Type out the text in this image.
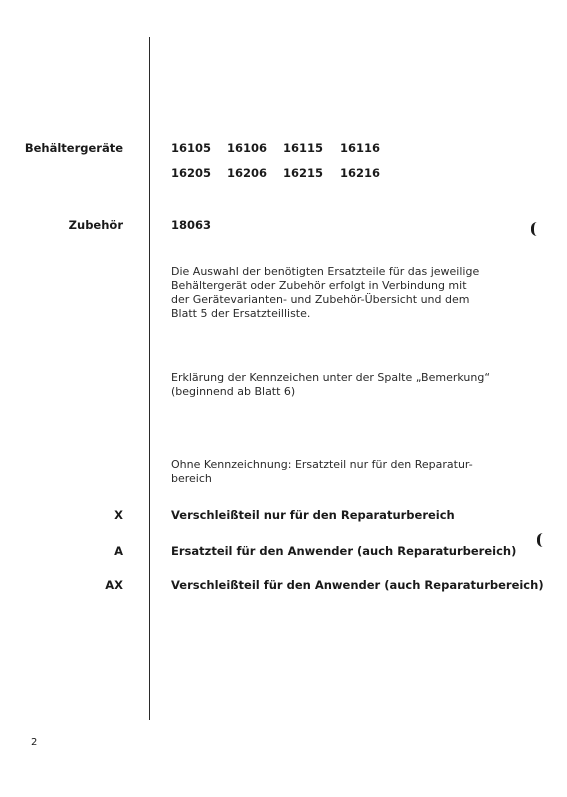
Behältergeräte
Zubehör
16105 16106 16115 16116
16205 16206 16215 16216
18063
Die Auswahl der benötigten Ersatzteile für das jeweilige
Behältergerät oder Zubehör erfolgt in Verbindung mit
der Gerätevarianten- und Zubehör-Übersicht und dem
Blatt 5 der Ersatzteilliste.
Erklärung der Kennzeichen unter der Spalte „Bemerkung“
(beginnend ab Blatt 6)
Ohne Kennzeichnung: Ersatzteil nur für den Reparatur-
bereich
X
A
AX
Verschleißteil nur für den Reparaturbereich
Ersatzteil für den Anwender (auch Reparaturbereich)
Verschleißteil für den Anwender (auch Reparaturbereich)
2
